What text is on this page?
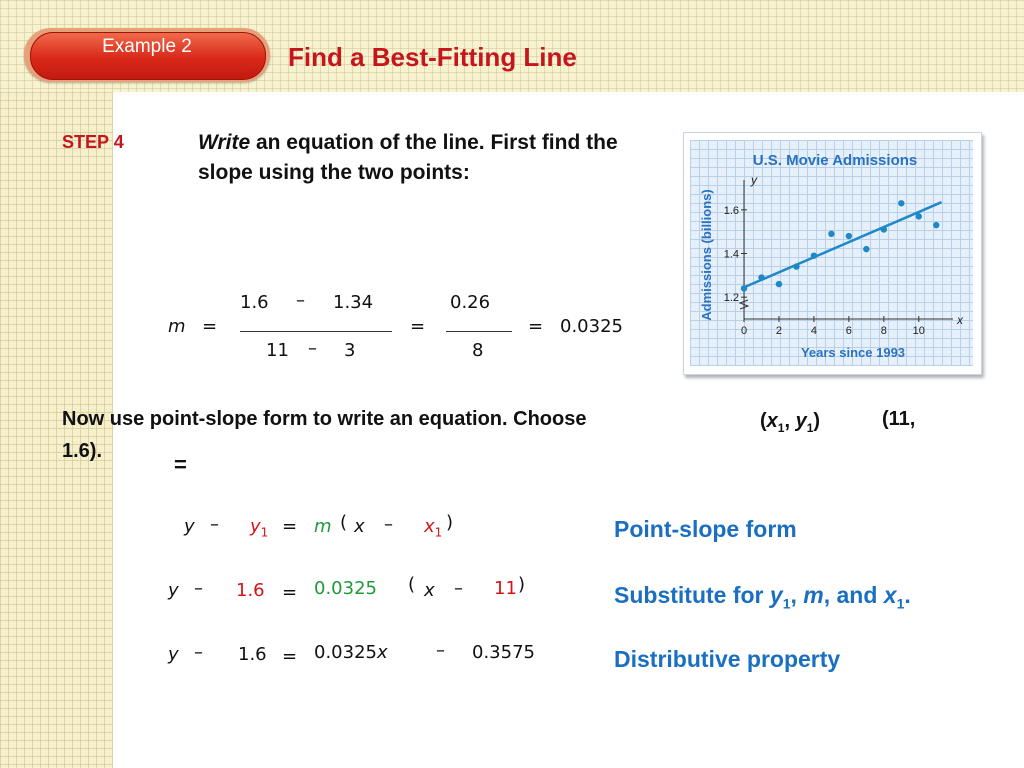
Example 2	Find a Best-Fitting Line
STEP 4	Write an equation of the line. First find the slope using the two points:
m =
1.6 – 1.34
11 – 3
=
0.26
8
= 0.0325
Now use point-slope form to write an equation. Choose	($x_1$, $y_1$)	(11,
1.6).
=
$y - y_1 = m$ ( x – $x_1$ )	Point-slope form
y – 1.6 = 0.0325 ( x – 11 )	Substitute for $y_1$, m, and $x_1$.
y – 1.6 = 0.0325x	– 0.3575	Distributive property
U.S. Movie Admissions
Admissions (billions)
Years since 1993
x
y
0	2	4	6	8 10
1.2
1.4
1.6
